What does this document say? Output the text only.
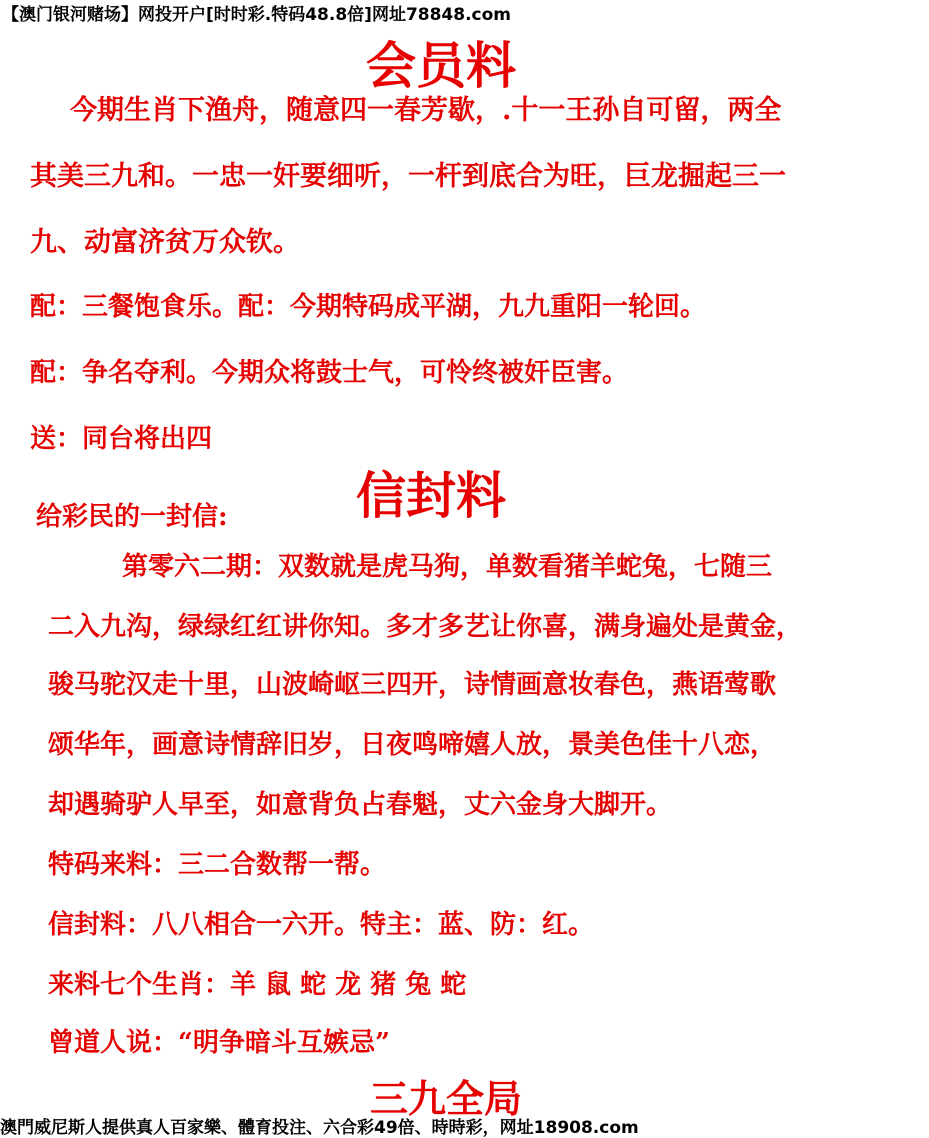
【澳门银河赌场】网投开户[时时彩.特码48.8倍]网址78848.com
会员料
今期生肖下渔舟，随意四一春芳歇，.十一王孙自可留，两全
其美三九和。一忠一奸要细听，一杆到底合为旺，巨龙掘起三一
九、动富济贫万众钦。
配：三餐饱食乐。配：今期特码成平湖，九九重阳一轮回。
配：争名夺利。今期众将鼓士气，可怜终被奸臣害。
送：同台将出四
信封料
给彩民的一封信:
第零六二期：双数就是虎马狗，单数看猪羊蛇兔，七随三
二入九沟，绿绿红红讲你知。多才多艺让你喜，满身遍处是黄金，
骏马驼汉走十里，山波崎岖三四开，诗情画意妆春色，燕语莺歌
颂华年，画意诗情辞旧岁，日夜鸣啼嬉人放，景美色佳十八恋，
却遇骑驴人早至，如意背负占春魁，丈六金身大脚开。
特码来料：三二合数帮一帮。
信封料：八八相合一六开。特主：蓝、防：红。
来料七个生肖：羊 鼠 蛇 龙 猪 兔 蛇
曾道人说：“明争暗斗互嫉忌”
三九全局
澳門威尼斯人提供真人百家樂、體育投注、六合彩49倍、時時彩，网址18908.com
